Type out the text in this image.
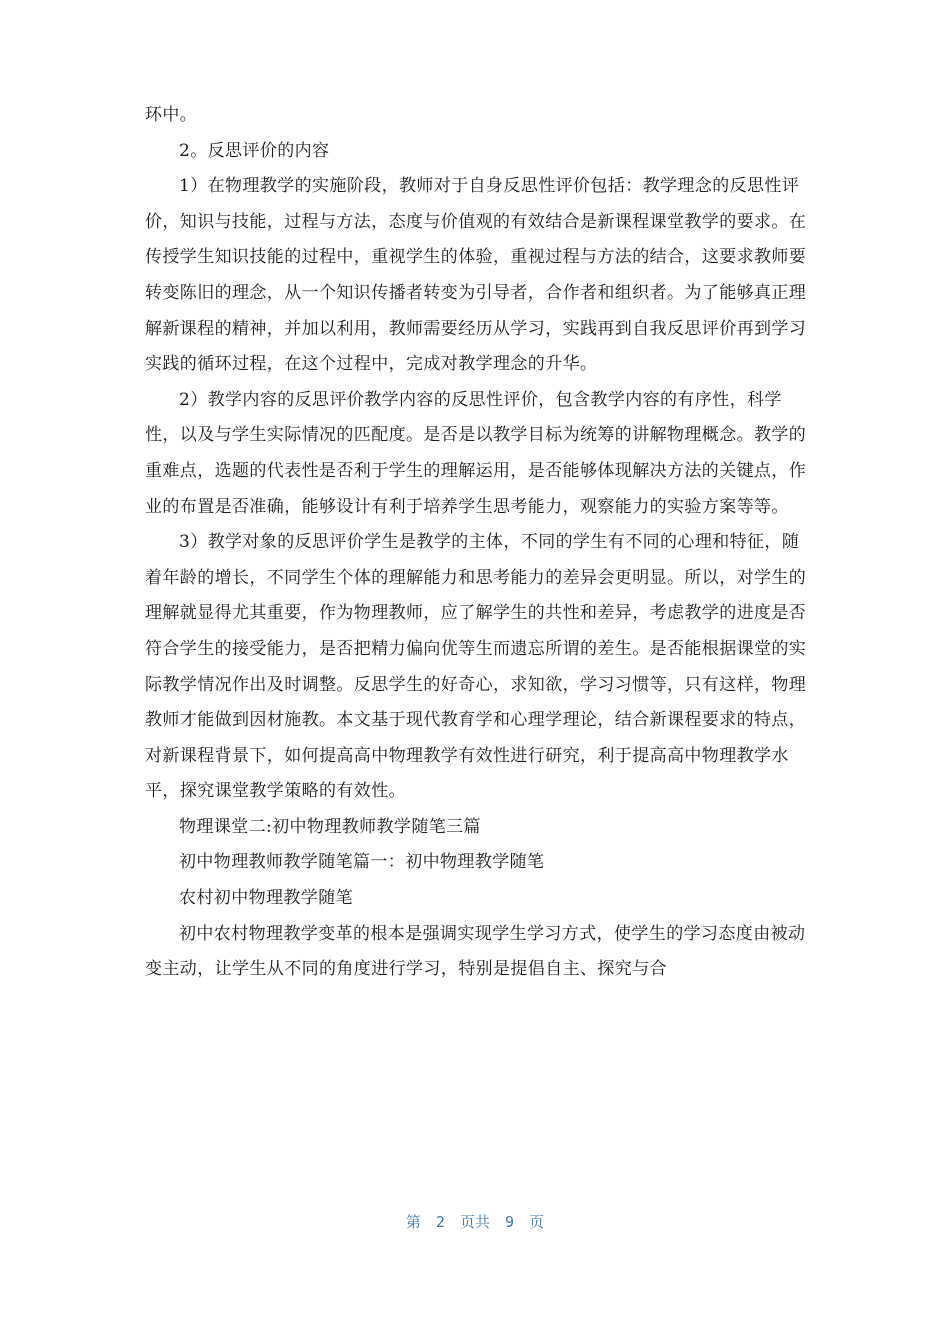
环中。

2。反思评价的内容

1）在物理教学的实施阶段，教师对于自身反思性评价包括：教学理念的反思性评价，知识与技能，过程与方法，态度与价值观的有效结合是新课程课堂教学的要求。在传授学生知识技能的过程中，重视学生的体验，重视过程与方法的结合，这要求教师要转变陈旧的理念，从一个知识传播者转变为引导者，合作者和组织者。为了能够真正理解新课程的精神，并加以利用，教师需要经历从学习，实践再到自我反思评价再到学习实践的循环过程，在这个过程中，完成对教学理念的升华。

2）教学内容的反思评价教学内容的反思性评价，包含教学内容的有序性，科学性，以及与学生实际情况的匹配度。是否是以教学目标为统筹的讲解物理概念。教学的重难点，选题的代表性是否利于学生的理解运用，是否能够体现解决方法的关键点，作业的布置是否准确，能够设计有利于培养学生思考能力，观察能力的实验方案等等。

3）教学对象的反思评价学生是教学的主体，不同的学生有不同的心理和特征，随着年龄的增长，不同学生个体的理解能力和思考能力的差异会更明显。所以，对学生的理解就显得尤其重要，作为物理教师，应了解学生的共性和差异，考虑教学的进度是否符合学生的接受能力，是否把精力偏向优等生而遗忘所谓的差生。是否能根据课堂的实际教学情况作出及时调整。反思学生的好奇心，求知欲，学习习惯等，只有这样，物理教师才能做到因材施教。本文基于现代教育学和心理学理论，结合新课程要求的特点，对新课程背景下，如何提高高中物理教学有效性进行研究，利于提高高中物理教学水平，探究课堂教学策略的有效性。

物理课堂二:初中物理教师教学随笔三篇

初中物理教师教学随笔篇一：初中物理教学随笔

农村初中物理教学随笔

初中农村物理教学变革的根本是强调实现学生学习方式，使学生的学习态度由被动变主动，让学生从不同的角度进行学习，特别是提倡自主、探究与合

第 2 页共 9 页
